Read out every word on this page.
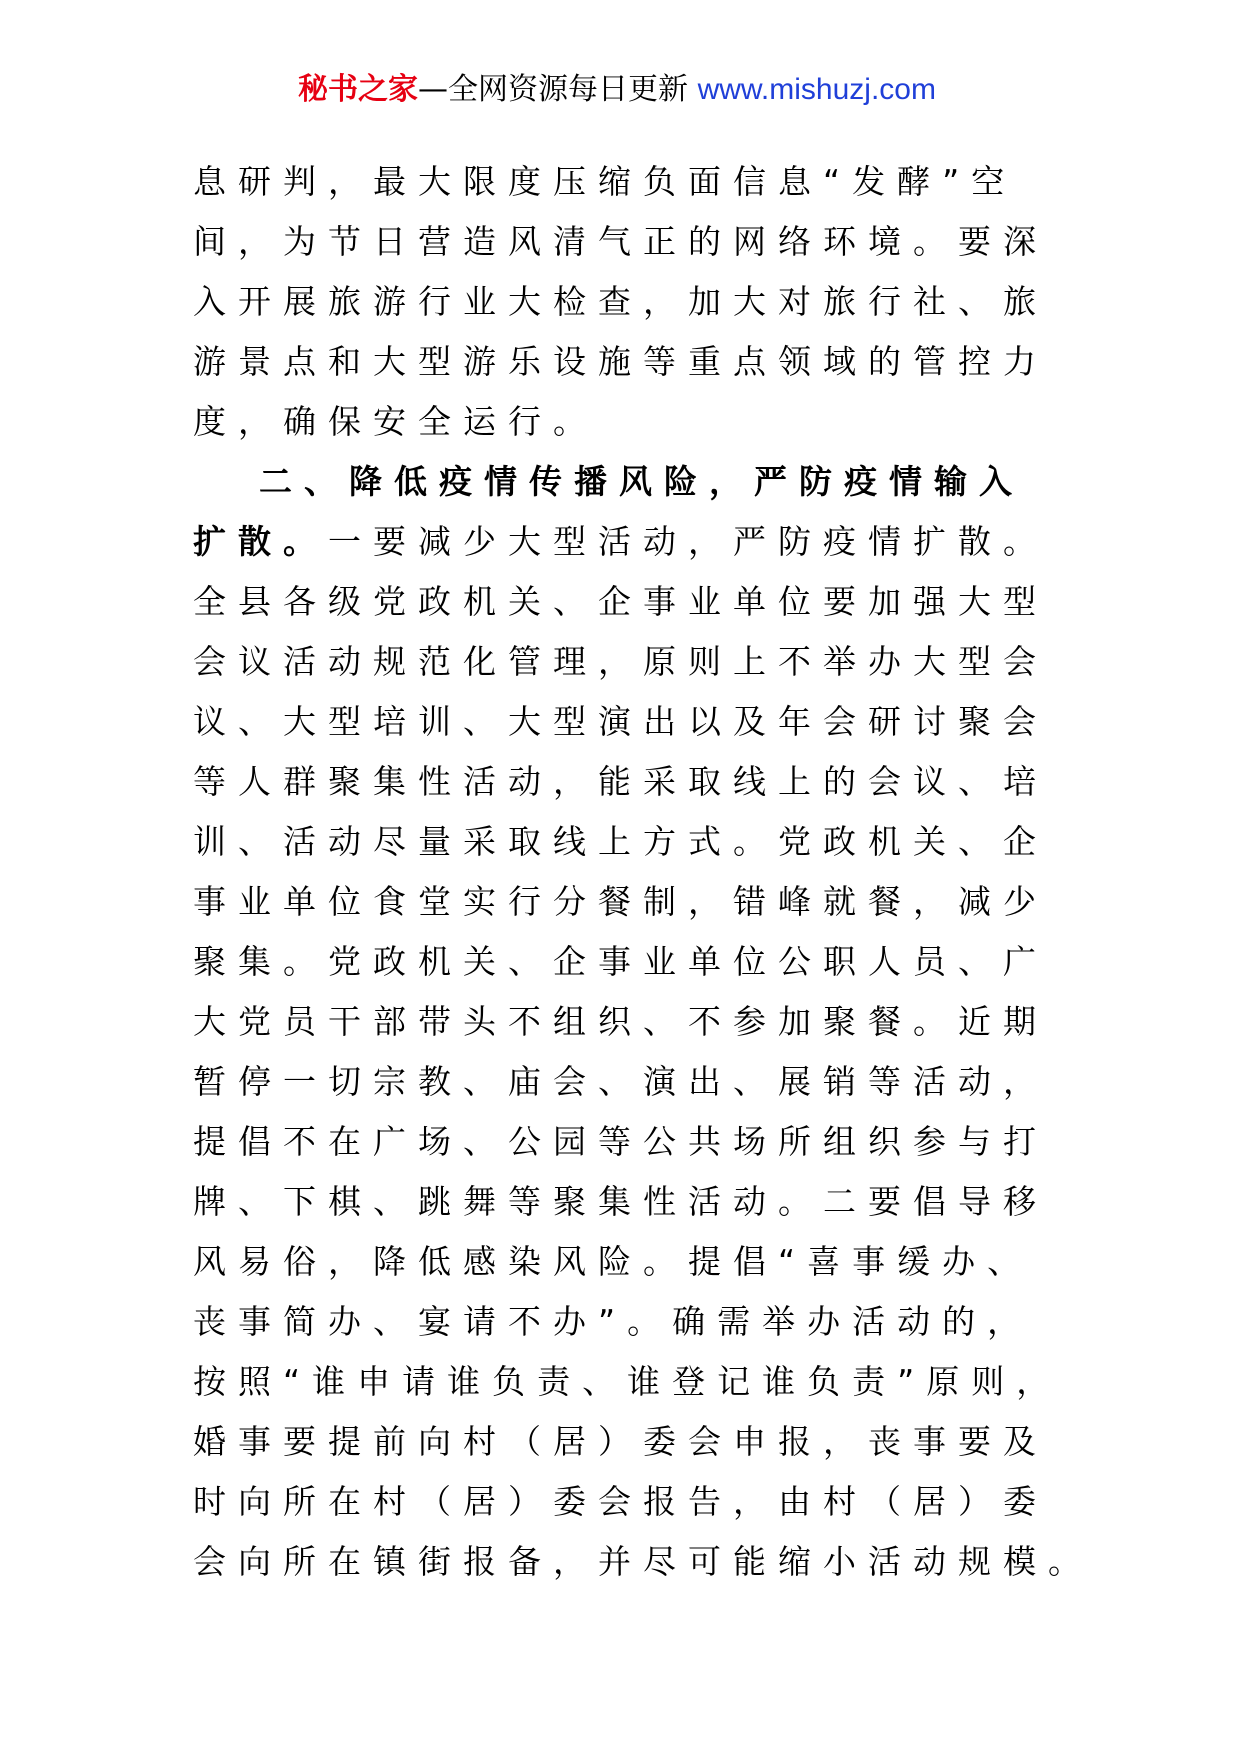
秘书之家—全网资源每日更新 www.mishuzj.com
息研判，最大限度压缩负面信息“发酵”空
间，为节日营造风清气正的网络环境。要深
入开展旅游行业大检查，加大对旅行社、旅
游景点和大型游乐设施等重点领域的管控力
度，确保安全运行。
二、降低疫情传播风险，严防疫情输入
扩散。一要减少大型活动，严防疫情扩散。
全县各级党政机关、企事业单位要加强大型
会议活动规范化管理，原则上不举办大型会
议、大型培训、大型演出以及年会研讨聚会
等人群聚集性活动，能采取线上的会议、培
训、活动尽量采取线上方式。党政机关、企
事业单位食堂实行分餐制，错峰就餐，减少
聚集。党政机关、企事业单位公职人员、广
大党员干部带头不组织、不参加聚餐。近期
暂停一切宗教、庙会、演出、展销等活动，
提倡不在广场、公园等公共场所组织参与打
牌、下棋、跳舞等聚集性活动。二要倡导移
风易俗，降低感染风险。提倡“喜事缓办、
丧事简办、宴请不办”。确需举办活动的，
按照“谁申请谁负责、谁登记谁负责”原则，
婚事要提前向村（居）委会申报，丧事要及
时向所在村（居）委会报告，由村（居）委
会向所在镇街报备，并尽可能缩小活动规模。
